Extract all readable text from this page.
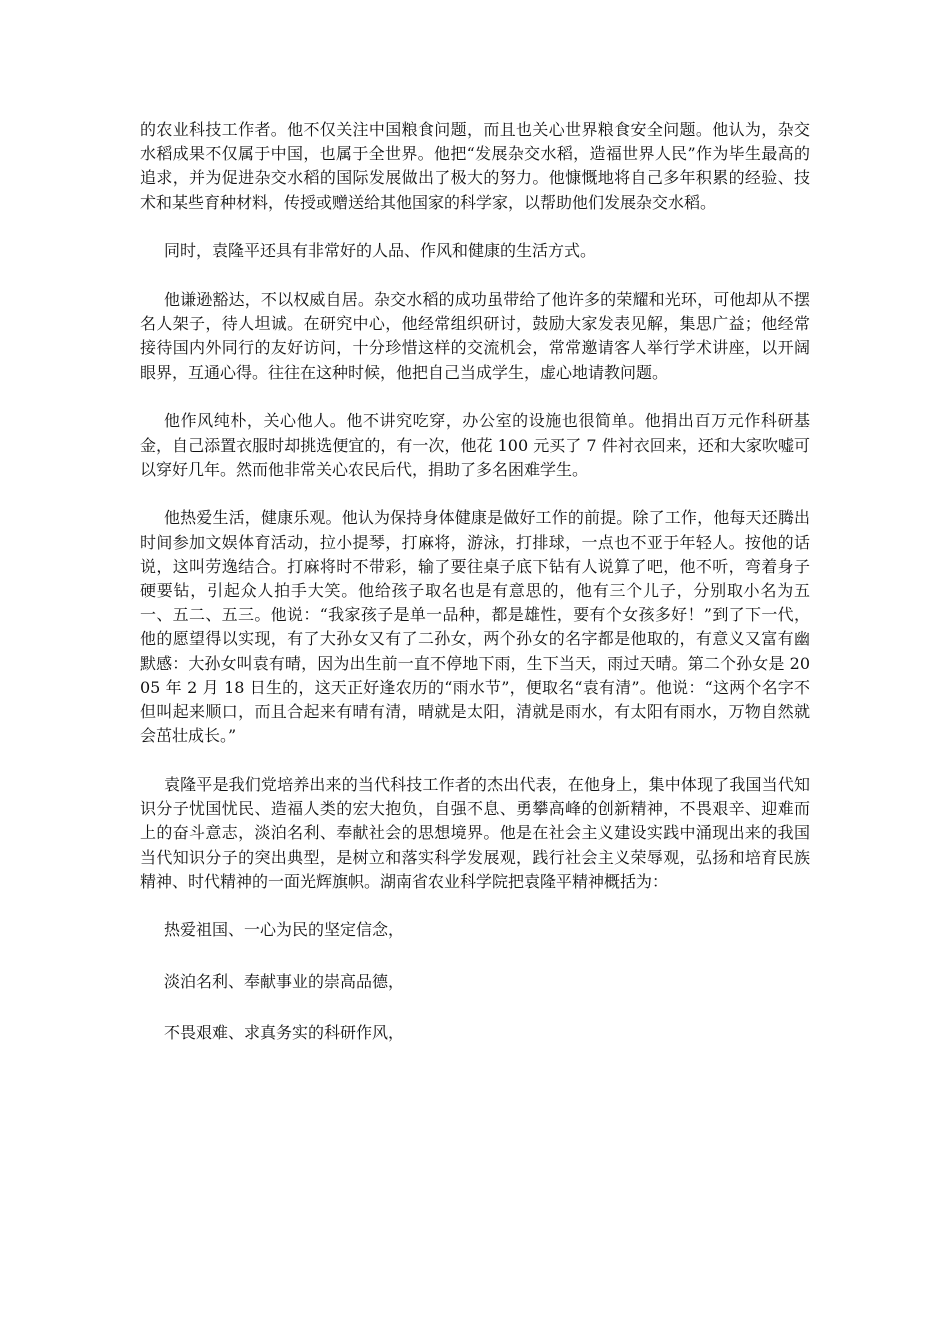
的农业科技工作者。他不仅关注中国粮食问题，而且也关心世界粮食安全问题。他认为，杂交水稻成果不仅属于中国，也属于全世界。他把“发展杂交水稻，造福世界人民”作为毕生最高的追求，并为促进杂交水稻的国际发展做出了极大的努力。他慷慨地将自己多年积累的经验、技术和某些育种材料，传授或赠送给其他国家的科学家，以帮助他们发展杂交水稻。

同时，袁隆平还具有非常好的人品、作风和健康的生活方式。

他谦逊豁达，不以权威自居。杂交水稻的成功虽带给了他许多的荣耀和光环，可他却从不摆名人架子，待人坦诚。在研究中心，他经常组织研讨，鼓励大家发表见解，集思广益；他经常接待国内外同行的友好访问，十分珍惜这样的交流机会，常常邀请客人举行学术讲座，以开阔眼界，互通心得。往往在这种时候，他把自己当成学生，虚心地请教问题。

他作风纯朴，关心他人。他不讲究吃穿，办公室的设施也很简单。他捐出百万元作科研基金，自己添置衣服时却挑选便宜的，有一次，他花 100 元买了 7 件衬衣回来，还和大家吹嘘可以穿好几年。然而他非常关心农民后代，捐助了多名困难学生。

他热爱生活，健康乐观。他认为保持身体健康是做好工作的前提。除了工作，他每天还腾出时间参加文娱体育活动，拉小提琴，打麻将，游泳，打排球，一点也不亚于年轻人。按他的话说，这叫劳逸结合。打麻将时不带彩，输了要往桌子底下钻有人说算了吧，他不听，弯着身子硬要钻，引起众人拍手大笑。他给孩子取名也是有意思的，他有三个儿子，分别取小名为五一、五二、五三。他说：“我家孩子是单一品种，都是雄性，要有个女孩多好！”到了下一代，他的愿望得以实现，有了大孙女又有了二孙女，两个孙女的名字都是他取的，有意义又富有幽默感：大孙女叫袁有晴，因为出生前一直不停地下雨，生下当天，雨过天晴。第二个孙女是 2005 年 2 月 18 日生的，这天正好逢农历的“雨水节”，便取名“袁有清”。他说：“这两个名字不但叫起来顺口，而且合起来有晴有清，晴就是太阳，清就是雨水，有太阳有雨水，万物自然就会茁壮成长。”

袁隆平是我们党培养出来的当代科技工作者的杰出代表，在他身上，集中体现了我国当代知识分子忧国忧民、造福人类的宏大抱负，自强不息、勇攀高峰的创新精神，不畏艰辛、迎难而上的奋斗意志，淡泊名利、奉献社会的思想境界。他是在社会主义建设实践中涌现出来的我国当代知识分子的突出典型，是树立和落实科学发展观，践行社会主义荣辱观，弘扬和培育民族精神、时代精神的一面光辉旗帜。湖南省农业科学院把袁隆平精神概括为：

热爱祖国、一心为民的坚定信念，

淡泊名利、奉献事业的崇高品德，

不畏艰难、求真务实的科研作风，
